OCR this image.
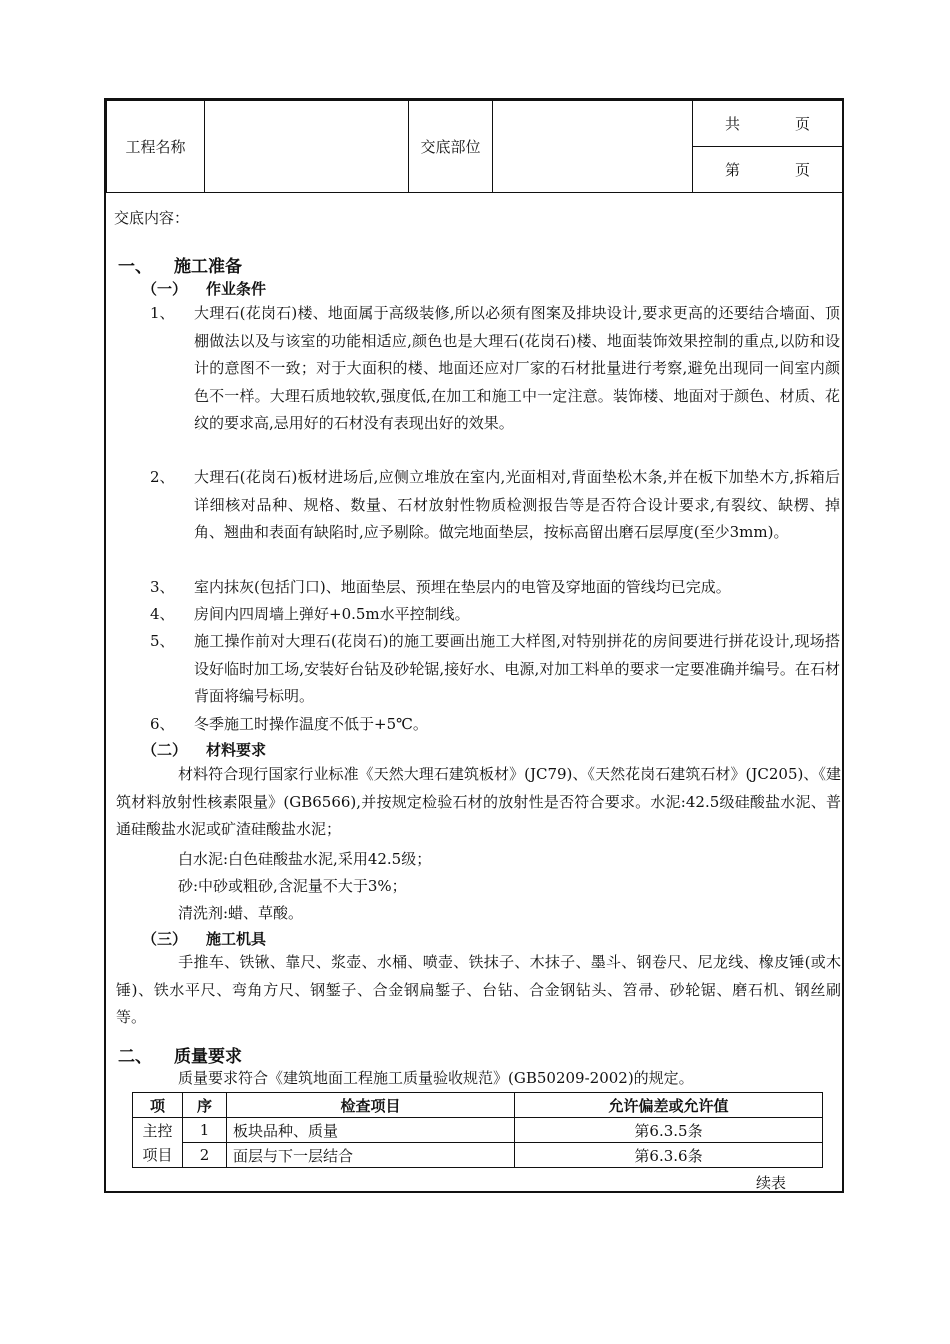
工程名称		交底部位		共	页
第	页
交底内容：
一、 施工准备
（一） 作业条件
1、 大理石(花岗石)楼、地面属于高级装修,所以必须有图案及排块设计,要求更高的还要结合墙面、顶棚做法以及与该室的功能相适应,颜色也是大理石(花岗石)楼、地面装饰效果控制的重点,以防和设计的意图不一致；对于大面积的楼、地面还应对厂家的石材批量进行考察,避免出现同一间室内颜色不一样。大理石质地较软,强度低,在加工和施工中一定注意。装饰楼、地面对于颜色、材质、花纹的要求高,忌用好的石材没有表现出好的效果。
2、 大理石(花岗石)板材进场后,应侧立堆放在室内,光面相对,背面垫松木条,并在板下加垫木方,拆箱后详细核对品种、规格、数量、石材放射性物质检测报告等是否符合设计要求,有裂纹、缺楞、掉角、翘曲和表面有缺陷时,应予剔除。做完地面垫层，按标高留出磨石层厚度(至少3mm)。
3、 室内抹灰(包括门口)、地面垫层、预埋在垫层内的电管及穿地面的管线均已完成。
4、 房间内四周墙上弹好+0.5m水平控制线。
5、 施工操作前对大理石(花岗石)的施工要画出施工大样图,对特别拼花的房间要进行拼花设计,现场搭设好临时加工场,安装好台钻及砂轮锯,接好水、电源,对加工料单的要求一定要准确并编号。在石材背面将编号标明。
6、 冬季施工时操作温度不低于+5℃。
（二） 材料要求
材料符合现行国家行业标准《天然大理石建筑板材》(JC79)、《天然花岗石建筑石材》(JC205)、《建筑材料放射性核素限量》(GB6566),并按规定检验石材的放射性是否符合要求。水泥:42.5级硅酸盐水泥、普通硅酸盐水泥或矿渣硅酸盐水泥；
白水泥:白色硅酸盐水泥,采用42.5级；
砂:中砂或粗砂,含泥量不大于3%；
清洗剂:蜡、草酸。
（三） 施工机具
手推车、铁锹、靠尺、浆壶、水桶、喷壶、铁抹子、木抹子、墨斗、钢卷尺、尼龙线、橡皮锤(或木锤)、铁水平尺、弯角方尺、钢錾子、合金钢扁錾子、台钻、合金钢钻头、笤帚、砂轮锯、磨石机、钢丝刷等。
二、 质量要求
质量要求符合《建筑地面工程施工质量验收规范》(GB50209-2002)的规定。
项	序	检查项目	允许偏差或允许值
主控	1	板块品种、质量	第6.3.5条
项目	2	面层与下一层结合	第6.3.6条
续表
